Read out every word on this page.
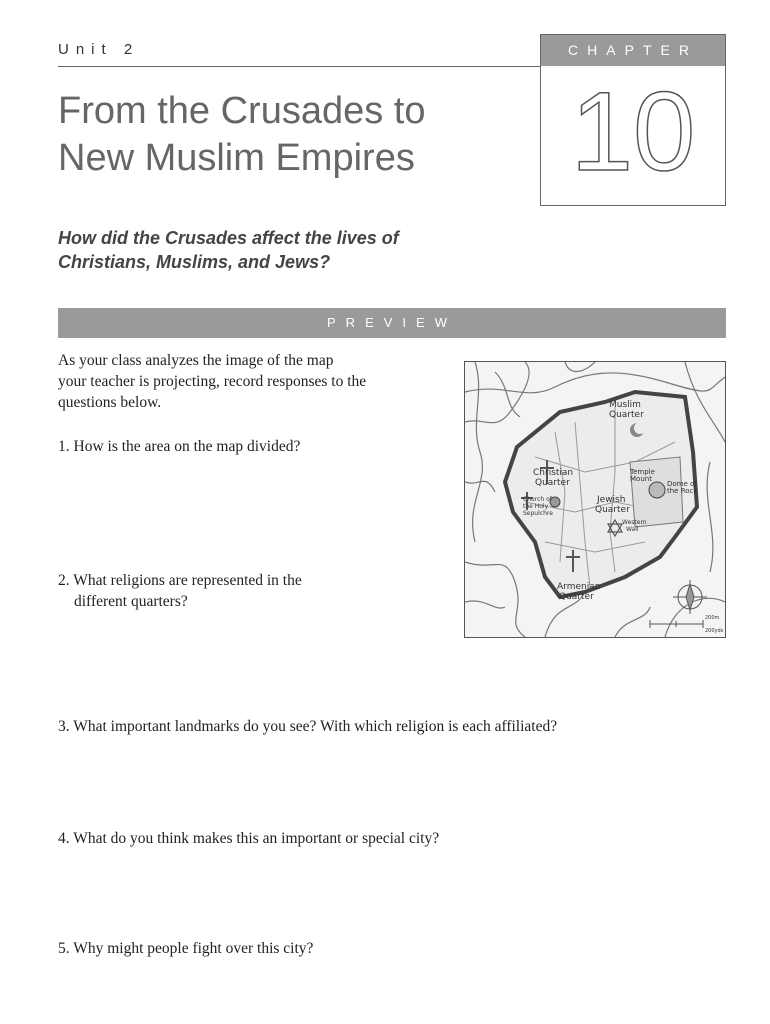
Unit 2	CHAPTER
10
From the Crusades to
New Muslim Empires

How did the Crusades affect the lives of
Christians, Muslims, and Jews?

PREVIEW

As your class analyzes the image of the map
your teacher is projecting, record responses to the
questions below.	Muslim
Quarter
Christian
Quarter
Church of
the Holy
Sepulchre
Temple
Mount
Dome of
the Rock
Jewish
Quarter
Western
Wall
Armenian
Quarter
200m
200yds

1. How is the area on the map divided?

2. What religions are represented in the
different quarters?

3. What important landmarks do you see? With which religion is each affiliated?

4. What do you think makes this an important or special city?

5. Why might people fight over this city?
